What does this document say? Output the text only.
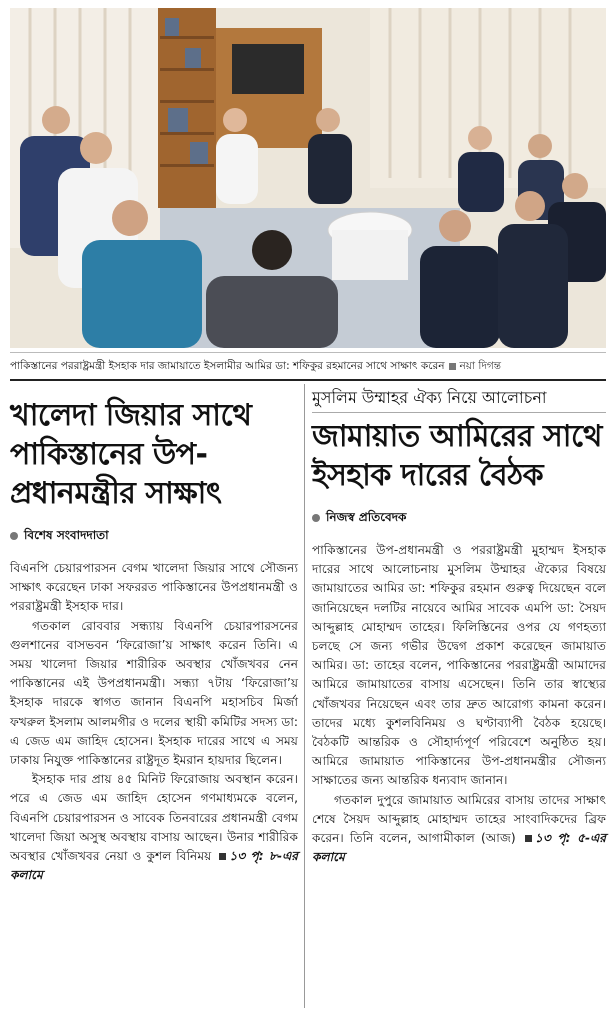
পাকিস্তানের পররাষ্ট্রমন্ত্রী ইসহাক দার জামায়াতে ইসলামীর আমির ডা: শফিকুর রহমানের সাথে সাক্ষাৎ করেন নয়া দিগন্ত
খালেদা জিয়ার সাথে পাকিস্তানের উপ-প্রধানমন্ত্রীর সাক্ষাৎ
বিশেষ সংবাদদাতা

বিএনপি চেয়ারপারসন বেগম খালেদা জিয়ার সাথে সৌজন্য সাক্ষাৎ করেছেন ঢাকা সফররত পাকিস্তানের উপপ্রধানমন্ত্রী ও পররাষ্ট্রমন্ত্রী ইসহাক দার।

গতকাল রোববার সন্ধ্যায় বিএনপি চেয়ারপারসনের গুলশানের বাসভবন ‘ফিরোজা’য় সাক্ষাৎ করেন তিনি। এ সময় খালেদা জিয়ার শারীরিক অবস্থার খোঁজখবর নেন পাকিস্তানের এই উপপ্রধানমন্ত্রী। সন্ধ্যা ৭টায় ‘ফিরোজা’য় ইসহাক দারকে স্বাগত জানান বিএনপি মহাসচিব মির্জা ফখরুল ইসলাম আলমগীর ও দলের স্থায়ী কমিটির সদস্য ডা: এ জেড এম জাহিদ হোসেন। ইসহাক দারের সাথে এ সময় ঢাকায় নিযুক্ত পাকিস্তানের রাষ্ট্রদূত ইমরান হায়দার ছিলেন।

ইসহাক দার প্রায় ৪৫ মিনিট ফিরোজায় অবস্থান করেন। পরে এ জেড এম জাহিদ হোসেন গণমাধ্যমকে বলেন, বিএনপি চেয়ারপারসন ও সাবেক তিনবারের প্রধানমন্ত্রী বেগম খালেদা জিয়া অসুস্থ অবস্থায় বাসায় আছেন। উনার শারীরিক অবস্থার খোঁজখবর নেয়া ও কুশল বিনিময় ১৩ পৃ: ৮-এর কলামে

মুসলিম উম্মাহর ঐক্য নিয়ে আলোচনা
জামায়াত আমিরের সাথে ইসহাক দারের বৈঠক
নিজস্ব প্রতিবেদক

পাকিস্তানের উপ-প্রধানমন্ত্রী ও পররাষ্ট্রমন্ত্রী মুহাম্মদ ইসহাক দারের সাথে আলোচনায় মুসলিম উম্মাহর ঐক্যের বিষয়ে জামায়াতের আমির ডা: শফিকুর রহমান গুরুত্ব দিয়েছেন বলে জানিয়েছেন দলটির নায়েবে আমির সাবেক এমপি ডা: সৈয়দ আব্দুল্লাহ মোহাম্মদ তাহের। ফিলিস্তিনের ওপর যে গণহত্যা চলছে সে জন্য গভীর উদ্বেগ প্রকাশ করেছেন জামায়াত আমির। ডা: তাহের বলেন, পাকিস্তানের পররাষ্ট্রমন্ত্রী আমাদের আমিরে জামায়াতের বাসায় এসেছেন। তিনি তার স্বাস্থ্যের খোঁজখবর নিয়েছেন এবং তার দ্রুত আরোগ্য কামনা করেন। তাদের মধ্যে কুশলবিনিময় ও ঘণ্টাব্যাপী বৈঠক হয়েছে। বৈঠকটি আন্তরিক ও সৌহার্দ্যপূর্ণ পরিবেশে অনুষ্ঠিত হয়। আমিরে জামায়াত পাকিস্তানের উপ-প্রধানমন্ত্রীর সৌজন্য সাক্ষাতের জন্য আন্তরিক ধন্যবাদ জানান।

গতকাল দুপুরে জামায়াত আমিরের বাসায় তাদের সাক্ষাৎ শেষে সৈয়দ আব্দুল্লাহ মোহাম্মদ তাহের সাংবাদিকদের ব্রিফ করেন। তিনি বলেন, আগামীকাল (আজ) ১৩ পৃ: ৫-এর কলামে
